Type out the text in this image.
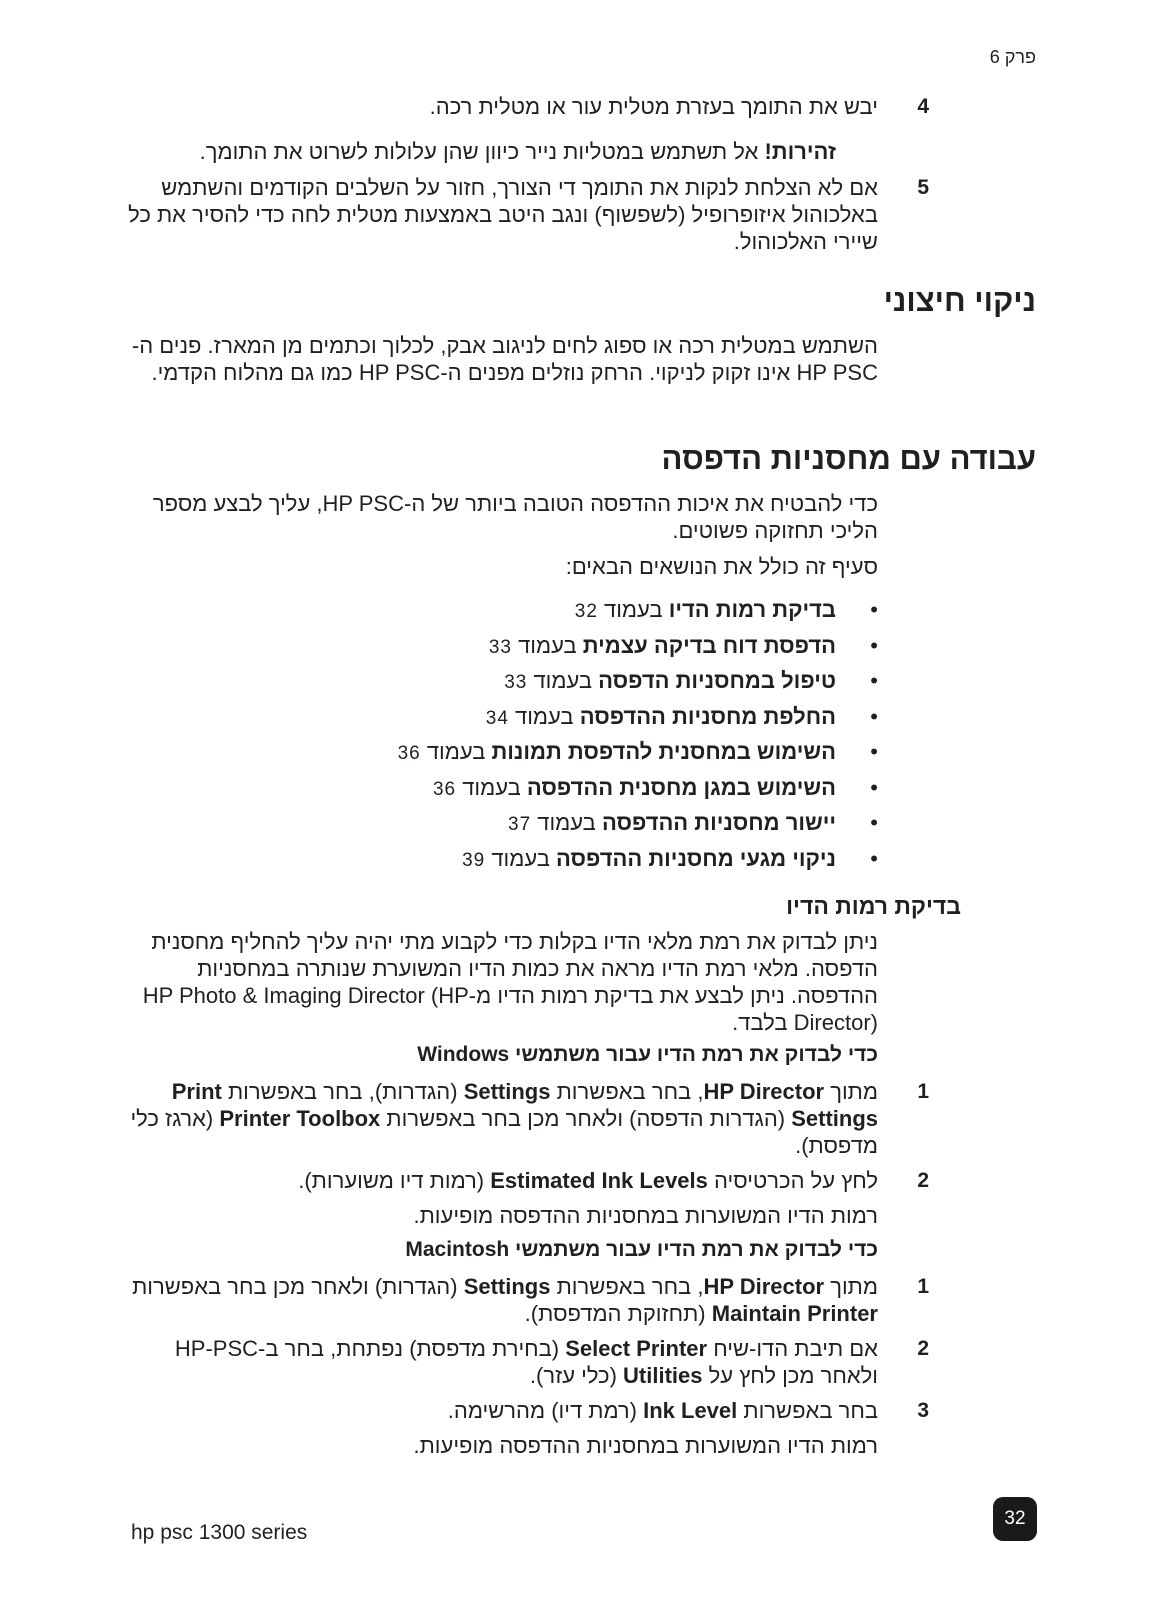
פרק 6
4
יבש את התומך בעזרת מטלית עור או מטלית רכה.
זהירות! אל תשתמש במטליות נייר כיוון שהן עלולות לשרוט את התומך.
5
אם לא הצלחת לנקות את התומך די הצורך, חזור על השלבים הקודמים והשתמש באלכוהול איזופרופיל (לשפשוף) ונגב היטב באמצעות מטלית לחה כדי להסיר את כל שיירי האלכוהול.
ניקוי חיצוני
השתמש במטלית רכה או ספוג לחים לניגוב אבק, לכלוך וכתמים מן המארז. פנים ה-HP PSC אינו זקוק לניקוי. הרחק נוזלים מפנים ה-HP PSC כמו גם מהלוח הקדמי.
עבודה עם מחסניות הדפסה
כדי להבטיח את איכות ההדפסה הטובה ביותר של ה-HP PSC, עליך לבצע מספר הליכי תחזוקה פשוטים.
סעיף זה כולל את הנושאים הבאים:
• בדיקת רמות הדיו בעמוד 32
• הדפסת דוח בדיקה עצמית בעמוד 33
• טיפול במחסניות הדפסה בעמוד 33
• החלפת מחסניות ההדפסה בעמוד 34
• השימוש במחסנית להדפסת תמונות בעמוד 36
• השימוש במגן מחסנית ההדפסה בעמוד 36
• יישור מחסניות ההדפסה בעמוד 37
• ניקוי מגעי מחסניות ההדפסה בעמוד 39
בדיקת רמות הדיו
ניתן לבדוק את רמת מלאי הדיו בקלות כדי לקבוע מתי יהיה עליך להחליף מחסנית הדפסה. מלאי רמת הדיו מראה את כמות הדיו המשוערת שנותרה במחסניות ההדפסה. ניתן לבצע את בדיקת רמות הדיו מ-HP Photo & Imaging Director (HP Director) בלבד.
כדי לבדוק את רמת הדיו עבור משתמשי Windows
1
מתוך HP Director, בחר באפשרות Settings (הגדרות), בחר באפשרות Print Settings (הגדרות הדפסה) ולאחר מכן בחר באפשרות Printer Toolbox (ארגז כלי מדפסת).
2
לחץ על הכרטיסיה Estimated Ink Levels (רמות דיו משוערות).
רמות הדיו המשוערות במחסניות ההדפסה מופיעות.
כדי לבדוק את רמת הדיו עבור משתמשי Macintosh
1
מתוך HP Director, בחר באפשרות Settings (הגדרות) ולאחר מכן בחר באפשרות Maintain Printer (תחזוקת המדפסת).
2
אם תיבת הדו-שיח Select Printer (בחירת מדפסת) נפתחת, בחר ב-HP-PSC ולאחר מכן לחץ על Utilities (כלי עזר).
3
בחר באפשרות Ink Level (רמת דיו) מהרשימה.
רמות הדיו המשוערות במחסניות ההדפסה מופיעות.
32
hp psc 1300 series
